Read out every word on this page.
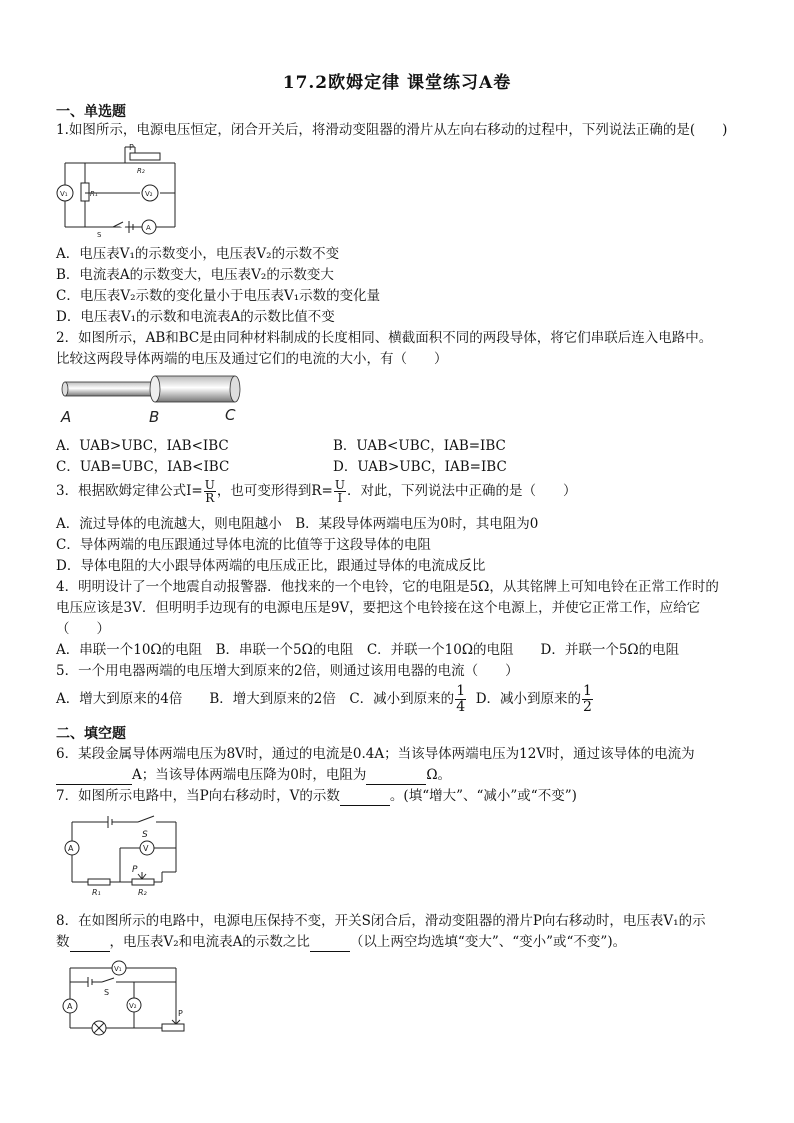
17.2欧姆定律 课堂练习A卷
一、单选题
1.如图所示，电源电压恒定，闭合开关后，将滑动变阻器的滑片从左向右移动的过程中，下列说法正确的是(　　)
P
R₂
R₁
V₁	V₂
S
A
A．电压表V₁的示数变小，电压表V₂的示数不变
B．电流表A的示数变大，电压表V₂的示数变大
C．电压表V₂示数的变化量小于电压表V₁示数的变化量
D．电压表V₁的示数和电流表A的示数比值不变
2．如图所示，AB和BC是由同种材料制成的长度相同、横截面积不同的两段导体，将它们串联后连入电路中。
比较这两段导体两端的电压及通过它们的电流的大小，有（　　）
A	B	C
A．UAB>UBC，IAB<IBC	B．UAB<UBC，IAB=IBC
C．UAB=UBC，IAB<IBC	D．UAB>UBC，IAB=IBC
3．根据欧姆定律公式$I= \frac{U}{R}$ ，也可变形得到$R= \frac{U}{I}$ ．对此，下列说法中正确的是（　　）
A．流过导体的电流越大，则电阻越小　B．某段导体两端电压为0时，其电阻为0
C．导体两端的电压跟通过导体电流的比值等于这段导体的电阻
D．导体电阻的大小跟导体两端的电压成正比，跟通过导体的电流成反比
4．明明设计了一个地震自动报警器．他找来的一个电铃，它的电阻是5Ω，从其铭牌上可知电铃在正常工作时的
电压应该是3V．但明明手边现有的电源电压是9V，要把这个电铃接在这个电源上，并使它正常工作，应给它
（　　）
A．串联一个10Ω的电阻　B．串联一个5Ω的电阻　C．并联一个10Ω的电阻　　D．并联一个5Ω的电阻
5．一个用电器两端的电压增大到原来的2倍，则通过该用电器的电流（　　）
A．增大到原来的4倍　　B．增大到原来的2倍　C．减小到原来的 $\frac{1}{4}$ D．减小到原来的 $\frac{1}{2}$
二、填空题
6．某段金属导体两端电压为8V时，通过的电流是0.4A；当该导体两端电压为12V时，通过该导体的电流为
A；当该导体两端电压降为0时，电阻为	Ω。
7．如图所示电路中，当P向右移动时，V的示数	。(填“增大”、“减小”或“不变”)
S
A	V
P
R₁	R₂
8．在如图所示的电路中，电源电压保持不变，开关S闭合后，滑动变阻器的滑片P向右移动时，电压表V₁的示
数	，电压表V₂和电流表A的示数之比	（以上两空均选填“变大”、“变小”或“不变”)。
V₁
S
A	V₂
P
